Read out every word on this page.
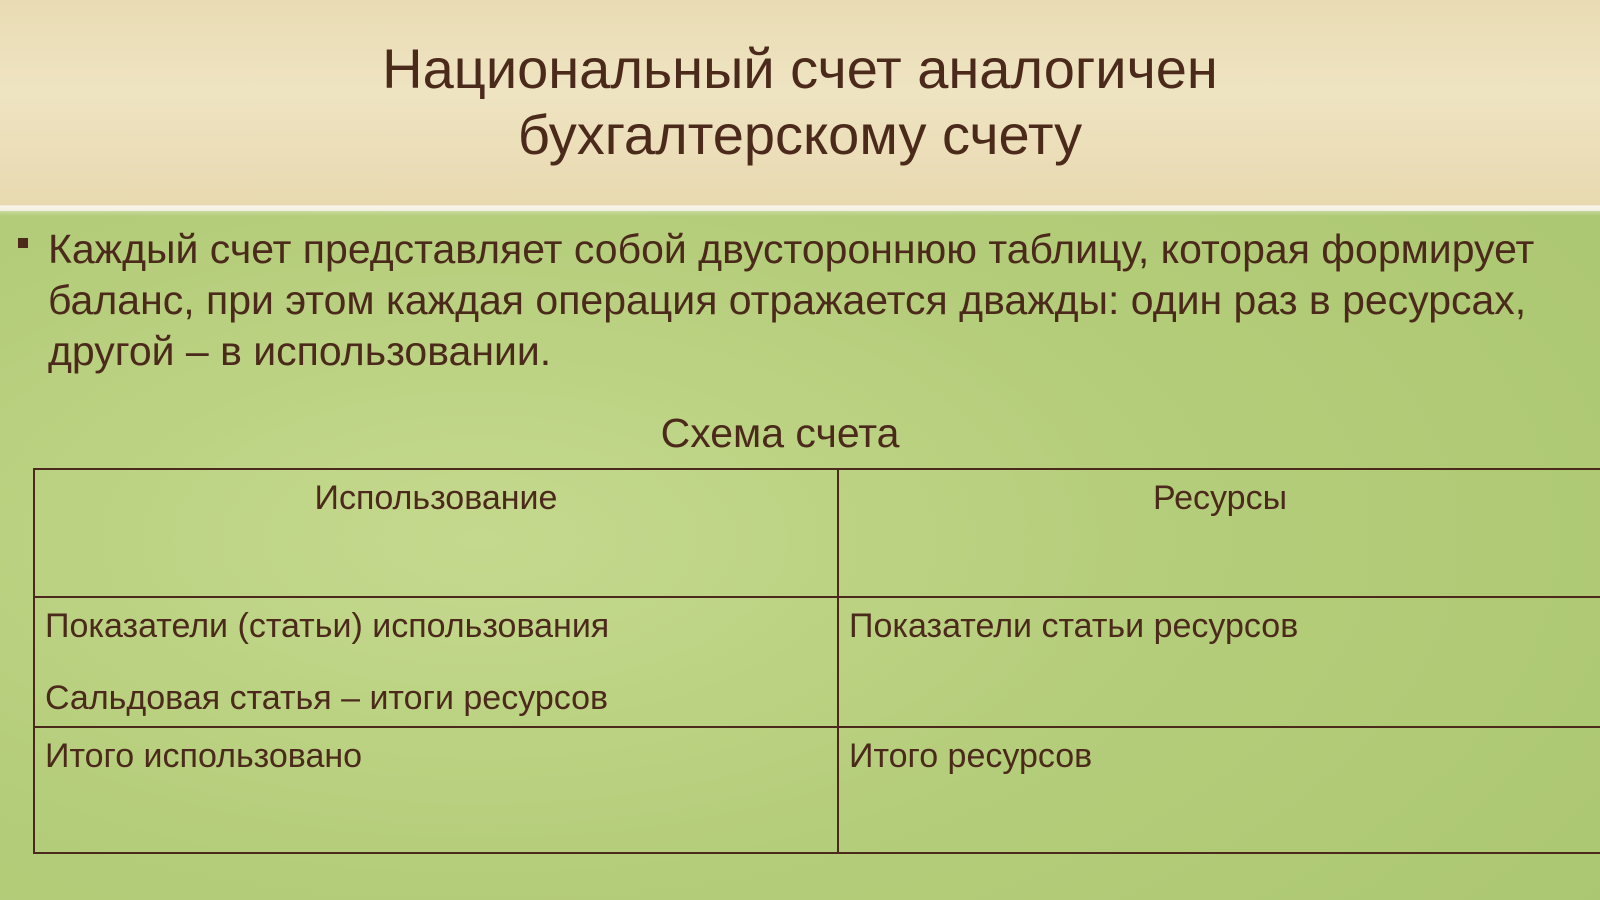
Национальный счет аналогичен
бухгалтерскому счету
Каждый счет представляет собой двустороннюю таблицу, которая формирует баланс, при этом каждая операция отражается дважды: один раз в ресурсах, другой – в использовании.
Схема счета
Использование	Ресурсы
Показатели (статьи) использования
Сальдовая статья – итоги ресурсов	Показатели статьи ресурсов
Итого использовано	Итого ресурсов
